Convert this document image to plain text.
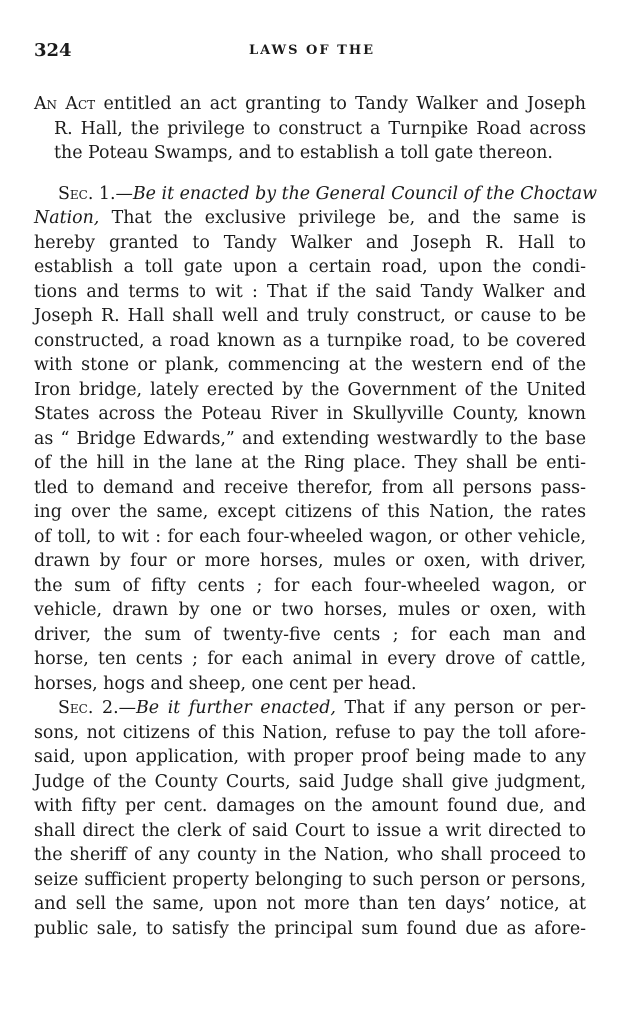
324	LAWS OF THE
An Act entitled an act granting to Tandy Walker and Joseph
R. Hall, the privilege to construct a Turnpike Road across
the Poteau Swamps, and to establish a toll gate thereon.
Sec. 1.—Be it enacted by the General Council of the Choctaw
Nation, That the exclusive privilege be, and the same is
hereby granted to Tandy Walker and Joseph R. Hall to
establish a toll gate upon a certain road, upon the condi-
tions and terms to wit : That if the said Tandy Walker and
Joseph R. Hall shall well and truly construct, or cause to be
constructed, a road known as a turnpike road, to be covered
with stone or plank, commencing at the western end of the
Iron bridge, lately erected by the Government of the United
States across the Poteau River in Skullyville County, known
as “ Bridge Edwards,” and extending westwardly to the base
of the hill in the lane at the Ring place. They shall be enti-
tled to demand and receive therefor, from all persons pass-
ing over the same, except citizens of this Nation, the rates
of toll, to wit : for each four-wheeled wagon, or other vehicle,
drawn by four or more horses, mules or oxen, with driver,
the sum of fifty cents ; for each four-wheeled wagon, or
vehicle, drawn by one or two horses, mules or oxen, with
driver, the sum of twenty-five cents ; for each man and
horse, ten cents ; for each animal in every drove of cattle,
horses, hogs and sheep, one cent per head.
Sec. 2.—Be it further enacted, That if any person or per-
sons, not citizens of this Nation, refuse to pay the toll afore-
said, upon application, with proper proof being made to any
Judge of the County Courts, said Judge shall give judgment,
with fifty per cent. damages on the amount found due, and
shall direct the clerk of said Court to issue a writ directed to
the sheriff of any county in the Nation, who shall proceed to
seize sufficient property belonging to such person or persons,
and sell the same, upon not more than ten days’ notice, at
public sale, to satisfy the principal sum found due as afore-
